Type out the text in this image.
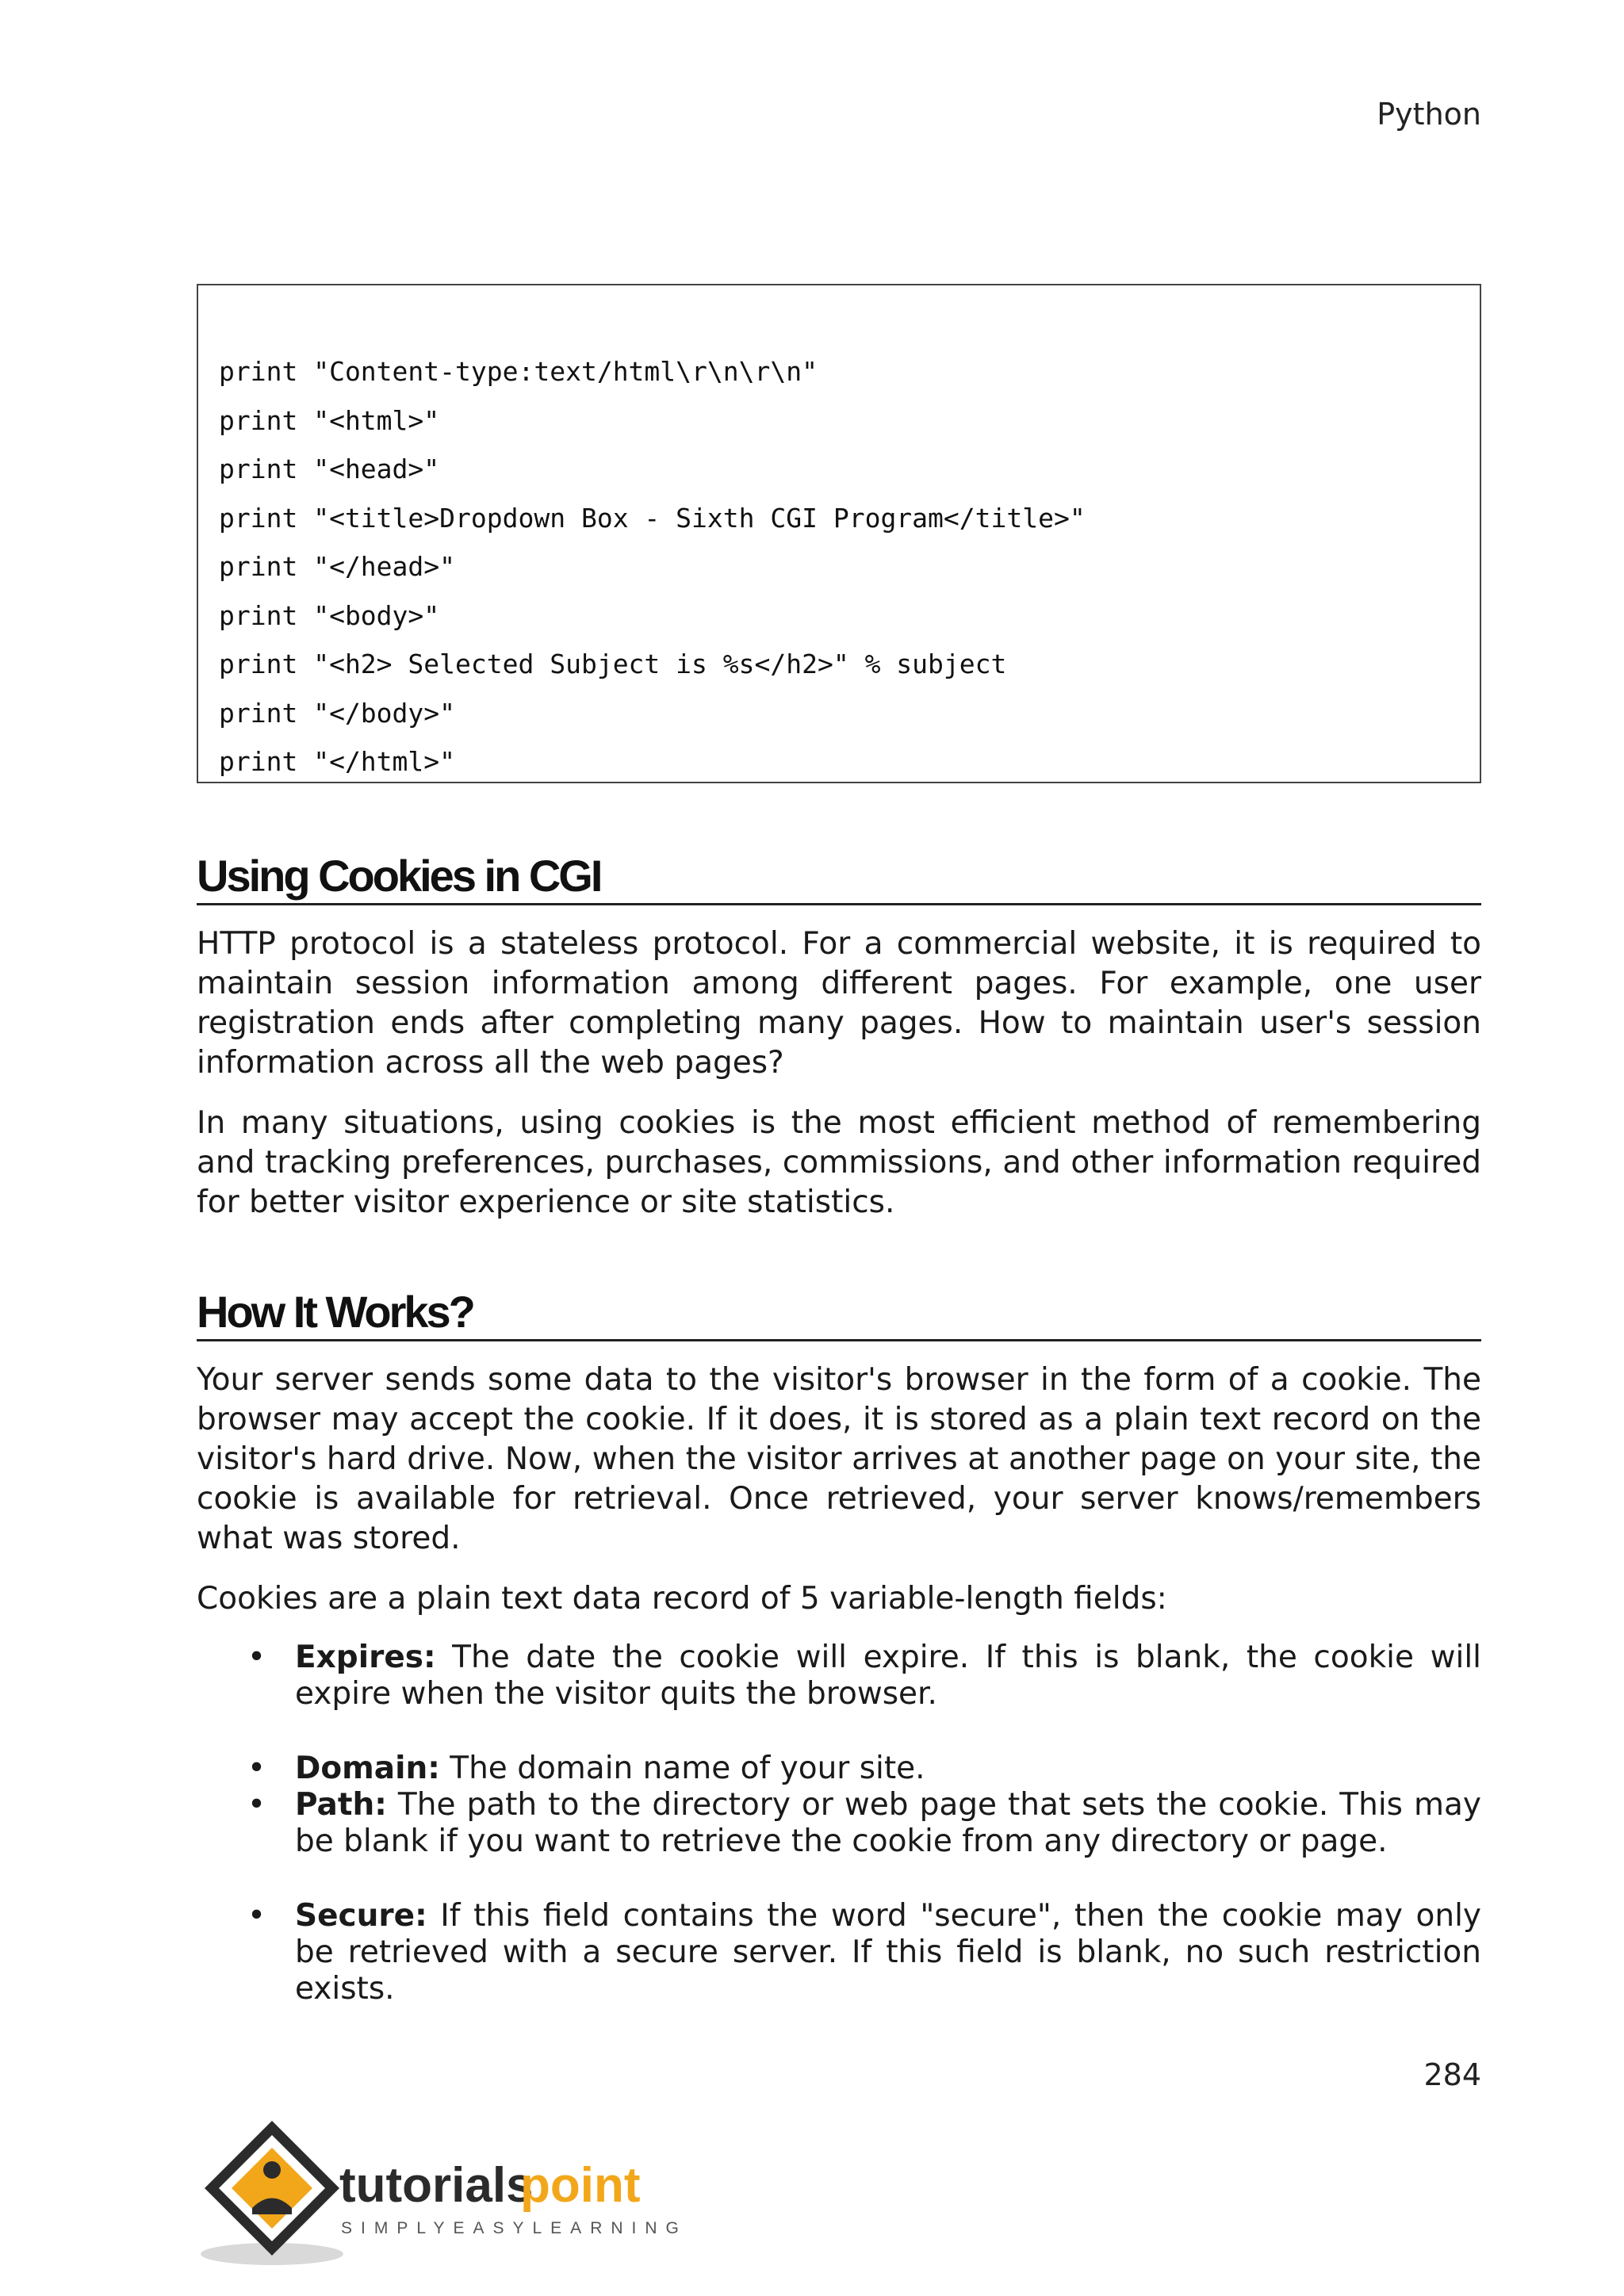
Python
print "Content-type:text/html\r\n\r\n"
print "<html>"
print "<head>"
print "<title>Dropdown Box - Sixth CGI Program</title>"
print "</head>"
print "<body>"
print "<h2> Selected Subject is %s</h2>" % subject
print "</body>"
print "</html>"
Using Cookies in CGI
HTTP protocol is a stateless protocol. For a commercial website, it is required to maintain session information among different pages. For example, one user registration ends after completing many pages. How to maintain user's session information across all the web pages?
In many situations, using cookies is the most efficient method of remembering and tracking preferences, purchases, commissions, and other information required for better visitor experience or site statistics.
How It Works?
Your server sends some data to the visitor's browser in the form of a cookie. The browser may accept the cookie. If it does, it is stored as a plain text record on the visitor's hard drive. Now, when the visitor arrives at another page on your site, the cookie is available for retrieval. Once retrieved, your server knows/remembers what was stored.
Cookies are a plain text data record of 5 variable-length fields:
• Expires: The date the cookie will expire. If this is blank, the cookie will expire when the visitor quits the browser.
• Domain: The domain name of your site.
• Path: The path to the directory or web page that sets the cookie. This may be blank if you want to retrieve the cookie from any directory or page.
• Secure: If this field contains the word "secure", then the cookie may only be retrieved with a secure server. If this field is blank, no such restriction exists.
284
tutorials
point
SIMPLYEASYLEARNING
